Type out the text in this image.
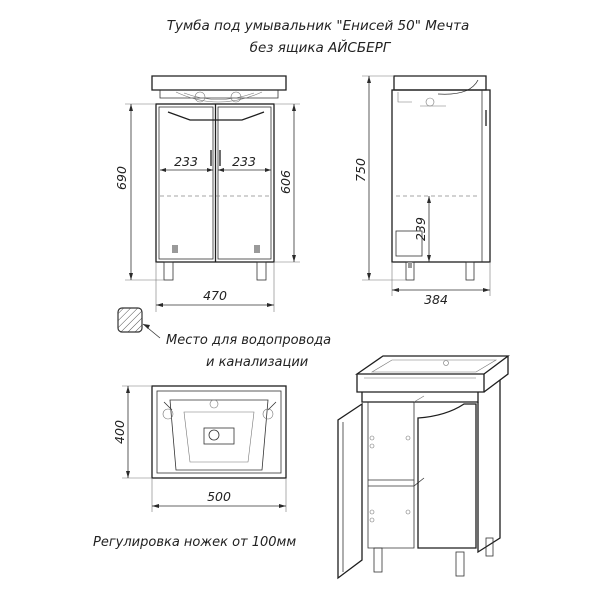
Тумба под умывальник "Енисей 50" Мечта
без ящика АЙСБЕРГ
233	233
690	606
470
750
239
384
Место для водопровода
и канализации
400
500
Регулировка ножек от 100мм
